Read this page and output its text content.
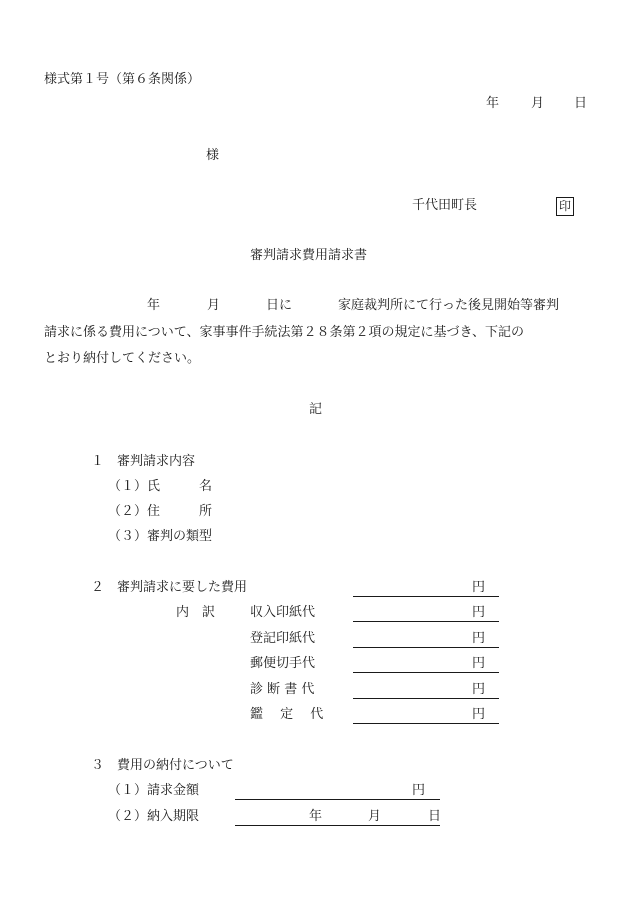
様式第１号（第６条関係）
年 月 日
様
千代田町長	印
審判請求費用請求書
年	月	日に	家庭裁判所にて行った後見開始等審判
請求に係る費用について、家事事件手続法第２８条第２項の規定に基づき、下記の
とおり納付してください。
記
１　審判請求内容
（１）氏　　　名
（２）住　　　所
（３）審判の類型
２　審判請求に要した費用	円
内　訳	収入印紙代	円
登記印紙代	円
郵便切手代	円
診 断 書 代	円
鑑　 定　 代	円
３　費用の納付について
（１）請求金額	円
（２）納入期限	年	月	日
